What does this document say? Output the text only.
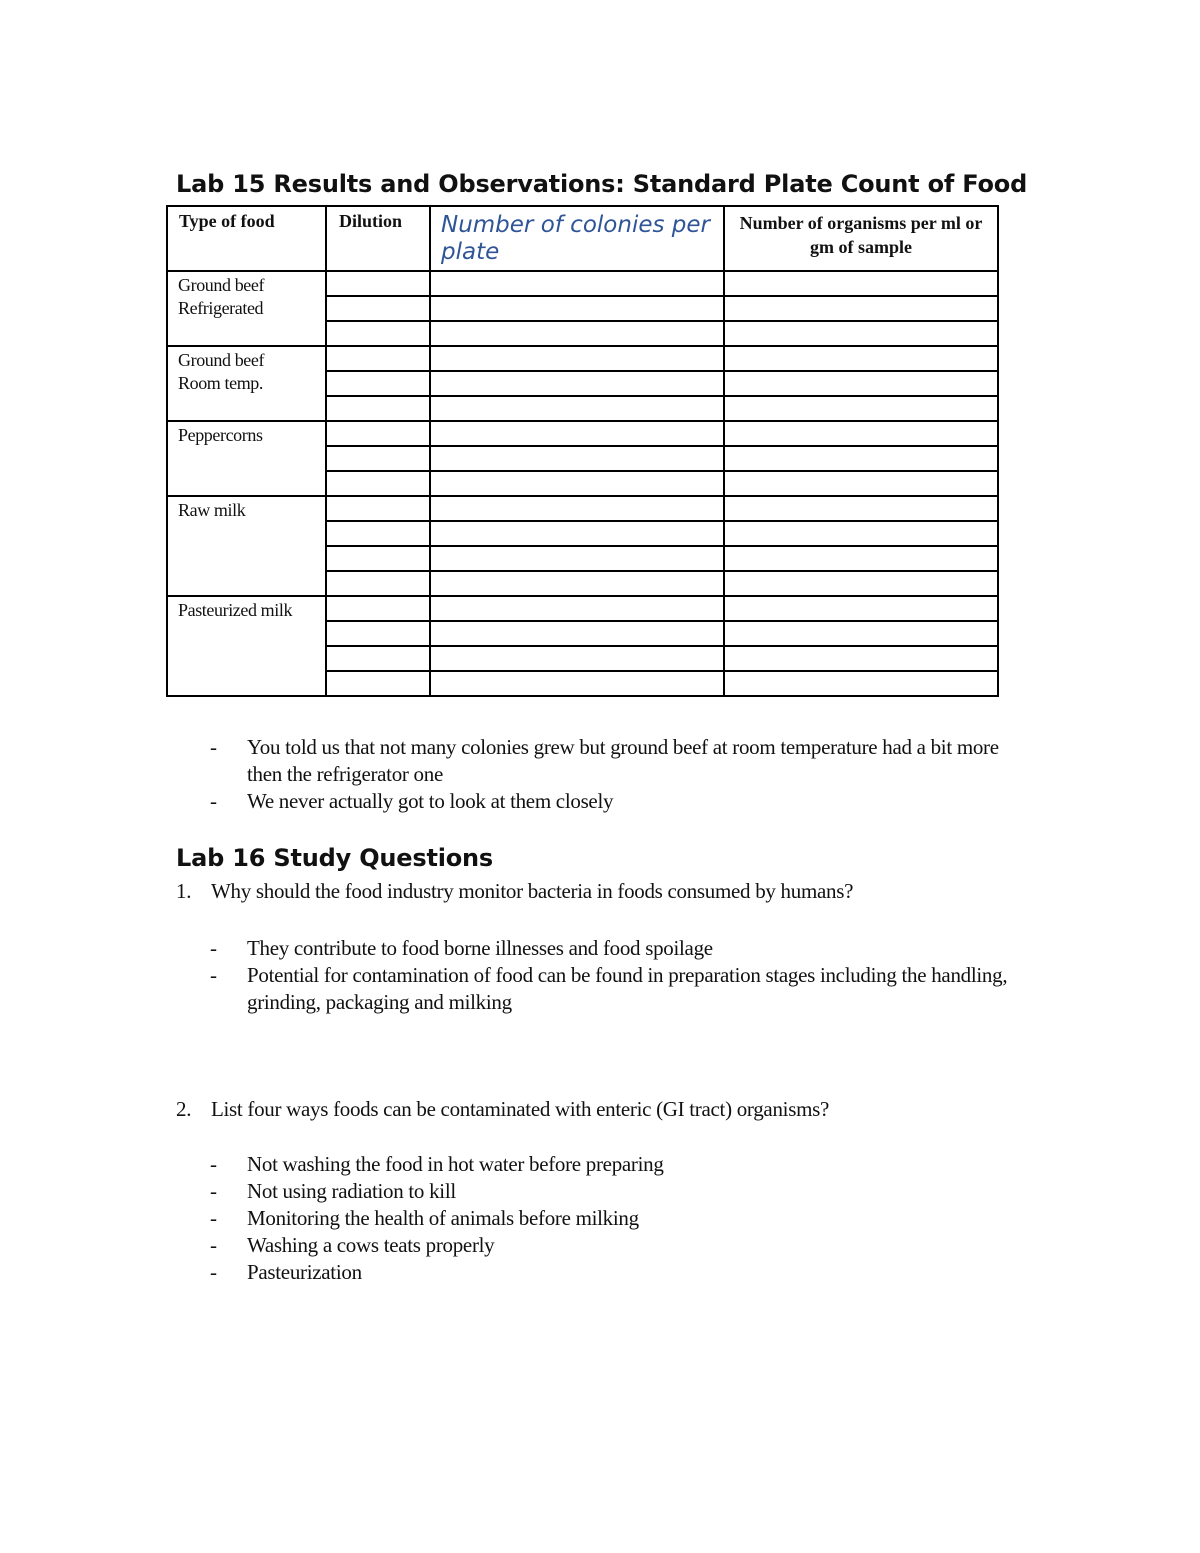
Lab 15 Results and Observations: Standard Plate Count of Food
Type of food	Dilution	Number of colonies per plate	Number of organisms per ml or gm of sample

Ground beef
Refrigerated			

Ground beef
Room temp.			

Peppercorns			

Raw milk			

Pasteurized milk			

- You told us that not many colonies grew but ground beef at room temperature had a bit more then the refrigerator one
- We never actually got to look at them closely
Lab 16 Study Questions

1. Why should the food industry monitor bacteria in foods consumed by humans?

- They contribute to food borne illnesses and food spoilage
- Potential for contamination of food can be found in preparation stages including the handling, grinding, packaging and milking

2. List four ways foods can be contaminated with enteric (GI tract) organisms?

- Not washing the food in hot water before preparing
- Not using radiation to kill
- Monitoring the health of animals before milking
- Washing a cows teats properly
- Pasteurization
